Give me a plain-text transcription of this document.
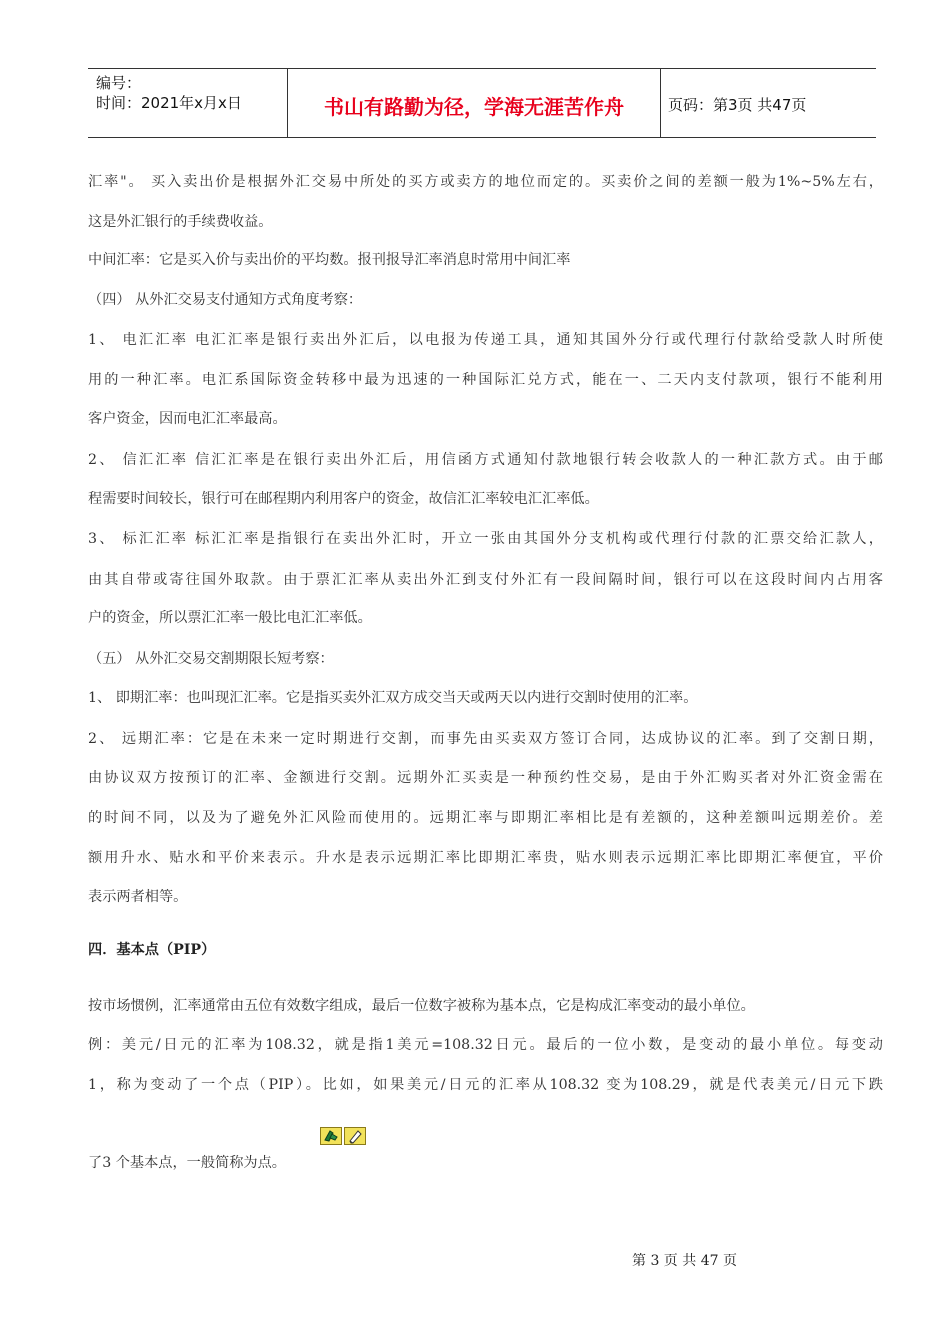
编号：
时间：2021年x月x日	书山有路勤为径，学海无涯苦作舟	页码：第3页 共47页
汇率"。 买入卖出价是根据外汇交易中所处的买方或卖方的地位而定的。买卖价之间的差额一般为1%~5%左右，
这是外汇银行的手续费收益。
中间汇率：它是买入价与卖出价的平均数。报刊报导汇率消息时常用中间汇率
（四） 从外汇交易支付通知方式角度考察：
1、 电汇汇率 电汇汇率是银行卖出外汇后，以电报为传递工具，通知其国外分行或代理行付款给受款人时所使
用的一种汇率。电汇系国际资金转移中最为迅速的一种国际汇兑方式，能在一、二天内支付款项，银行不能利用
客户资金，因而电汇汇率最高。
2、 信汇汇率 信汇汇率是在银行卖出外汇后，用信函方式通知付款地银行转会收款人的一种汇款方式。由于邮
程需要时间较长，银行可在邮程期内利用客户的资金，故信汇汇率较电汇汇率低。
3、 标汇汇率 标汇汇率是指银行在卖出外汇时，开立一张由其国外分支机构或代理行付款的汇票交给汇款人，
由其自带或寄往国外取款。由于票汇汇率从卖出外汇到支付外汇有一段间隔时间，银行可以在这段时间内占用客
户的资金，所以票汇汇率一般比电汇汇率低。
（五） 从外汇交易交割期限长短考察：
1、 即期汇率：也叫现汇汇率。它是指买卖外汇双方成交当天或两天以内进行交割时使用的汇率。
2、 远期汇率：它是在未来一定时期进行交割，而事先由买卖双方签订合同，达成协议的汇率。到了交割日期，
由协议双方按预订的汇率、金额进行交割。远期外汇买卖是一种预约性交易，是由于外汇购买者对外汇资金需在
的时间不同，以及为了避免外汇风险而使用的。远期汇率与即期汇率相比是有差额的，这种差额叫远期差价。差
额用升水、贴水和平价来表示。升水是表示远期汇率比即期汇率贵，贴水则表示远期汇率比即期汇率便宜，平价
表示两者相等。
四．基本点（PIP）
按市场惯例，汇率通常由五位有效数字组成，最后一位数字被称为基本点，它是构成汇率变动的最小单位。
例：美元/日元的汇率为108.32，就是指1美元=108.32日元。最后的一位小数，是变动的最小单位。每变动
1，称为变动了一个点（PIP）。比如，如果美元/日元的汇率从108.32 变为108.29，就是代表美元/日元下跌
了3 个基本点，一般简称为点。
第 3 页 共 47 页
